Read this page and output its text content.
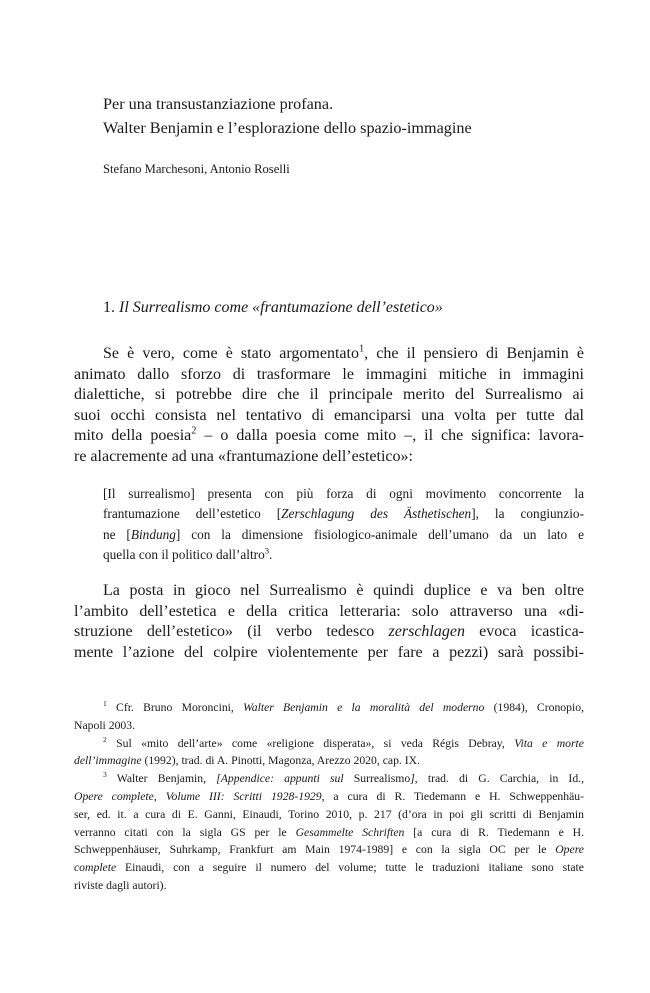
Per una transustanziazione profana.
Walter Benjamin e l’esplorazione dello spazio-immagine
Stefano Marchesoni, Antonio Roselli
1. Il Surrealismo come «frantumazione dell’estetico»
Se è vero, come è stato argomentato$^1$, che il pensiero di Benjamin è
animato dallo sforzo di trasformare le immagini mitiche in immagini
dialettiche, si potrebbe dire che il principale merito del Surrealismo ai
suoi occhi consista nel tentativo di emanciparsi una volta per tutte dal
mito della poesia$^2$ – o dalla poesia come mito –, il che significa: lavora-
re alacremente ad una «frantumazione dell’estetico»:
[Il surrealismo] presenta con più forza di ogni movimento concorrente la
frantumazione dell’estetico [Zerschlagung des Ästhetischen], la congiunzio-
ne [Bindung] con la dimensione fisiologico-animale dell’umano da un lato e
quella con il politico dall’altro$^3$.
La posta in gioco nel Surrealismo è quindi duplice e va ben oltre
l’ambito dell’estetica e della critica letteraria: solo attraverso una «di-
struzione dell’estetico» (il verbo tedesco zerschlagen evoca icastica-
mente l’azione del colpire violentemente per fare a pezzi) sarà possibi-
$^1$ Cfr. Bruno Moroncini, Walter Benjamin e la moralità del moderno (1984), Cronopio,
Napoli 2003.
$^2$ Sul «mito dell’arte» come «religione disperata», si veda Régis Debray, Vita e morte
dell’immagine (1992), trad. di A. Pinotti, Magonza, Arezzo 2020, cap. IX.
$^3$ Walter Benjamin, [Appendice: appunti sul Surrealismo], trad. di G. Carchia, in Id.,
Opere complete, Volume III: Scritti 1928-1929, a cura di R. Tiedemann e H. Schweppenhäu-
ser, ed. it. a cura di E. Ganni, Einaudi, Torino 2010, p. 217 (d’ora in poi gli scritti di Benjamin
verranno citati con la sigla GS per le Gesammelte Schriften [a cura di R. Tiedemann e H.
Schweppenhäuser, Suhrkamp, Frankfurt am Main 1974-1989] e con la sigla OC per le Opere
complete Einaudi, con a seguire il numero del volume; tutte le traduzioni italiane sono state
riviste dagli autori).
